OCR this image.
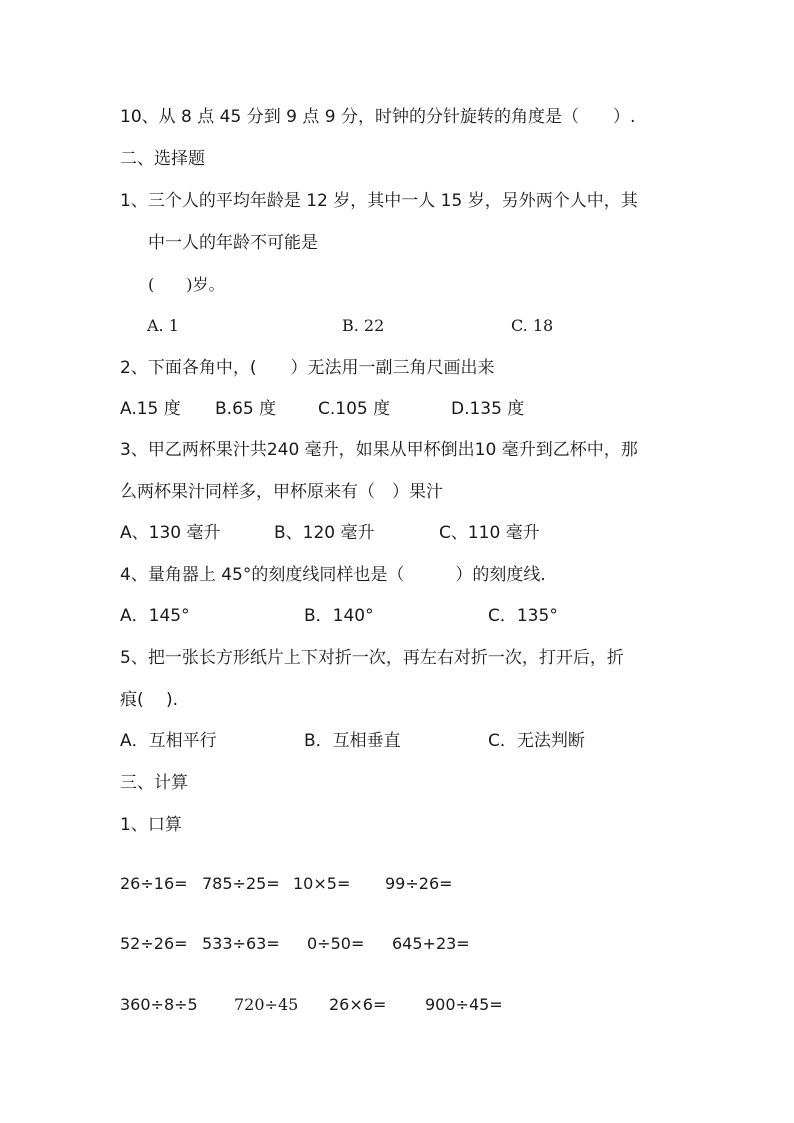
10、从 8 点 45 分到 9 点 9 分，时钟的分针旋转的角度是（　　）.
二、选择题
1、三个人的平均年龄是 12 岁，其中一人 15 岁，另外两个人中，其
中一人的年龄不可能是
(　　)岁。
A. 1	B. 22	C. 18
2、下面各角中，(　　）无法用一副三角尺画出来
A.15 度 B.65 度 C.105 度	D.135 度
3、甲乙两杯果汁共240 毫升，如果从甲杯倒出10 毫升到乙杯中，那
么两杯果汁同样多，甲杯原来有（　）果汁
A、130 毫升	B、120 毫升	C、110 毫升
4、量角器上 45°的刻度线同样也是（　　　）的刻度线.
A．145°	B．140°	C．135°
5、把一张长方形纸片上下对折一次，再左右对折一次，打开后，折
痕(　 ).
A．互相平行	B．互相垂直	C．无法判断
三、计算
1、口算
26÷16= 785÷25= 10×5= 99÷26=
52÷26= 533÷63= 0÷50= 645+23=
360÷8÷5 720÷45 26×6= 900÷45=
